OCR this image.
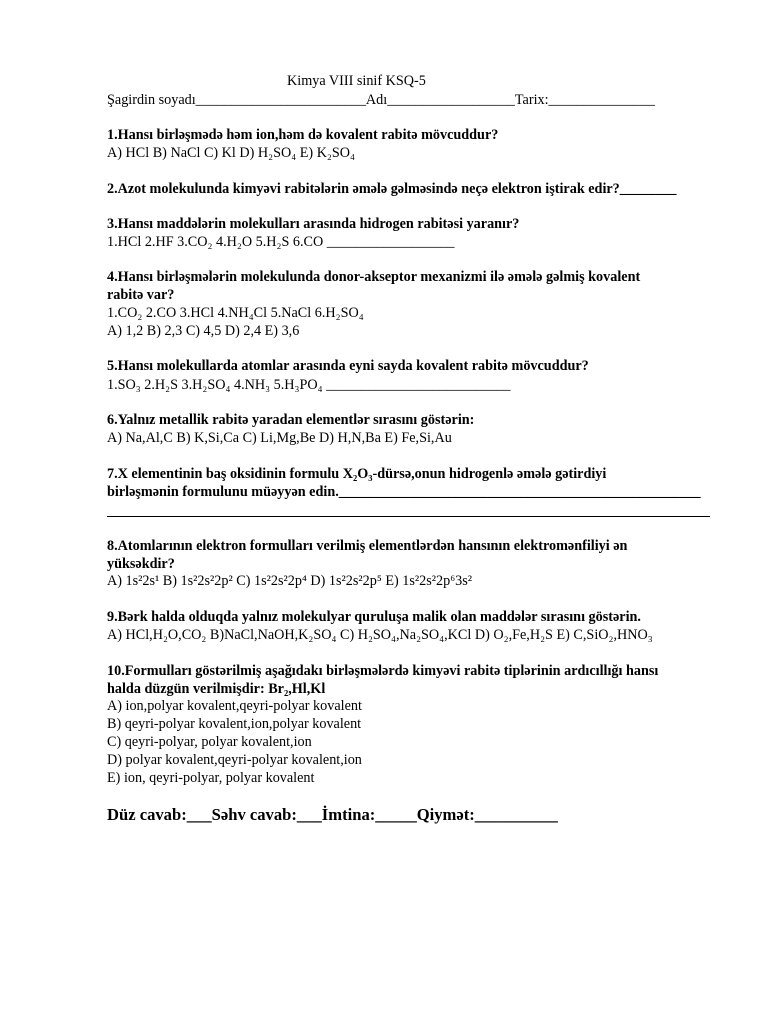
Kimya VIII sinif KSQ-5
Şagirdin soyadı________________________Adı__________________Tarix:_______________
1.Hansı birləşmədə həm ion,həm də kovalent rabitə mövcuddur?
A) HCl B) NaCl C) Kl D) H₂SO₄ E) K₂SO₄
2.Azot molekulunda kimyəvi rabitələrin əmələ gəlməsində neçə elektron iştirak edir?________
3.Hansı maddələrin molekulları arasında hidrogen rabitəsi yaranır?
1.HCl 2.HF 3.CO₂ 4.H₂O 5.H₂S 6.CO __________________
4.Hansı birləşmələrin molekulunda donor-akseptor mexanizmi ilə əmələ gəlmiş kovalent
rabitə var?
1.CO₂ 2.CO 3.HCl 4.NH₄Cl 5.NaCl 6.H₂SO₄
A) 1,2 B) 2,3 C) 4,5 D) 2,4 E) 3,6
5.Hansı molekullarda atomlar arasında eyni sayda kovalent rabitə mövcuddur?
1.SO₃ 2.H₂S 3.H₂SO₄ 4.NH₃ 5.H₃PO₄ __________________________
6.Yalnız metallik rabitə yaradan elementlər sırasını göstərin:
A) Na,Al,C B) K,Si,Ca C) Li,Mg,Be D) H,N,Ba E) Fe,Si,Au
7.X elementinin baş oksidinin formulu X₂O₃-dürsə,onun hidrogenlə əmələ gətirdiyi
birləşmənin formulunu müəyyən edin.___________________________________________________
8.Atomlarının elektron formulları verilmiş elementlərdən hansının elektromənfiliyi ən
yüksəkdir?
A) 1s²2s¹ B) 1s²2s²2p² C) 1s²2s²2p⁴ D) 1s²2s²2p⁵ E) 1s²2s²2p⁶3s²
9.Bərk halda olduqda yalnız molekulyar quruluşa malik olan maddələr sırasını göstərin.
A) HCl,H₂O,CO₂ B)NaCl,NaOH,K₂SO₄ C) H₂SO₄,Na₂SO₄,KCl D) O₂,Fe,H₂S E) C,SiO₂,HNO₃
10.Formulları göstərilmiş aşağıdakı birləşmələrdə kimyəvi rabitə tiplərinin ardıcıllığı hansı
halda düzgün verilmişdir: Br₂,Hl,Kl
A) ion,polyar kovalent,qeyri-polyar kovalent
B) qeyri-polyar kovalent,ion,polyar kovalent
C) qeyri-polyar, polyar kovalent,ion
D) polyar kovalent,qeyri-polyar kovalent,ion
E) ion, qeyri-polyar, polyar kovalent
Düz cavab:___Səhv cavab:___İmtina:_____Qiymət:__________
